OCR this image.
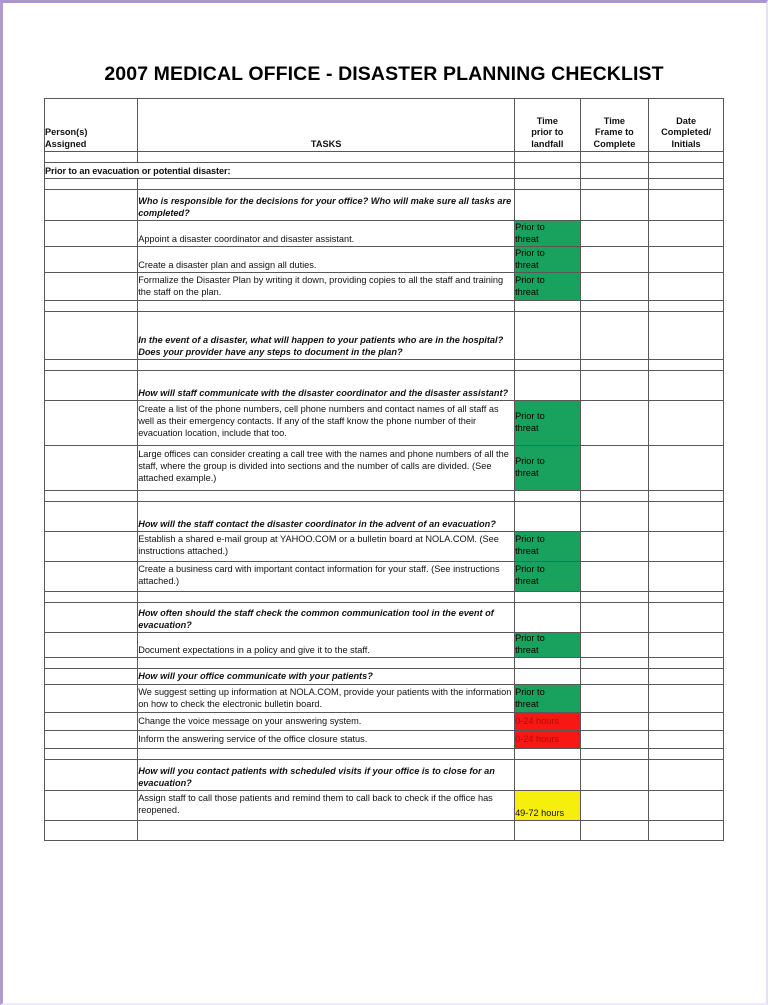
2007 MEDICAL OFFICE - DISASTER PLANNING CHECKLIST
Person(s)
Assigned	TASKS	Time
prior to
landfall	Time
Frame to
Complete	Date
Completed/
Initials

Prior to an evacuation or potential disaster:				

	Who is responsible for the decisions for your office? Who will make sure all tasks are completed?			
	Appoint a disaster coordinator and disaster assistant.	Prior to
threat		
	Create a disaster plan and assign all duties.	Prior to
threat		
	Formalize the Disaster Plan by writing it down, providing copies to all the staff and training the staff on the plan.	Prior to
threat		

	In the event of a disaster, what will happen to your patients who are in the hospital? Does your provider have any steps to document in the plan?			

	How will staff communicate with the disaster coordinator and the disaster assistant?			
	Create a list of the phone numbers, cell phone numbers and contact names of all staff as well as their emergency contacts. If any of the staff know the phone number of their evacuation location, include that too.	Prior to
threat		
	Large offices can consider creating a call tree with the names and phone numbers of all the staff, where the group is divided into sections and the number of calls are divided. (See attached example.)	Prior to
threat		

	How will the staff contact the disaster coordinator in the advent of an evacuation?			
	Establish a shared e-mail group at YAHOO.COM or a bulletin board at NOLA.COM. (See instructions attached.)	Prior to
threat		
	Create a business card with important contact information for your staff. (See instructions attached.)	Prior to
threat		

	How often should the staff check the common communication tool in the event of evacuation?			
	Document expectations in a policy and give it to the staff.	Prior to
threat		

	How will your office communicate with your patients?			
	We suggest setting up information at NOLA.COM, provide your patients with the information on how to check the electronic bulletin board.	Prior to
threat		
	Change the voice message on your answering system.	0-24 hours		
	Inform the answering service of the office closure status.	0-24 hours		

	How will you contact patients with scheduled visits if your office is to close for an evacuation?			
	Assign staff to call those patients and remind them to call back to check if the office has reopened.	49-72 hours		
